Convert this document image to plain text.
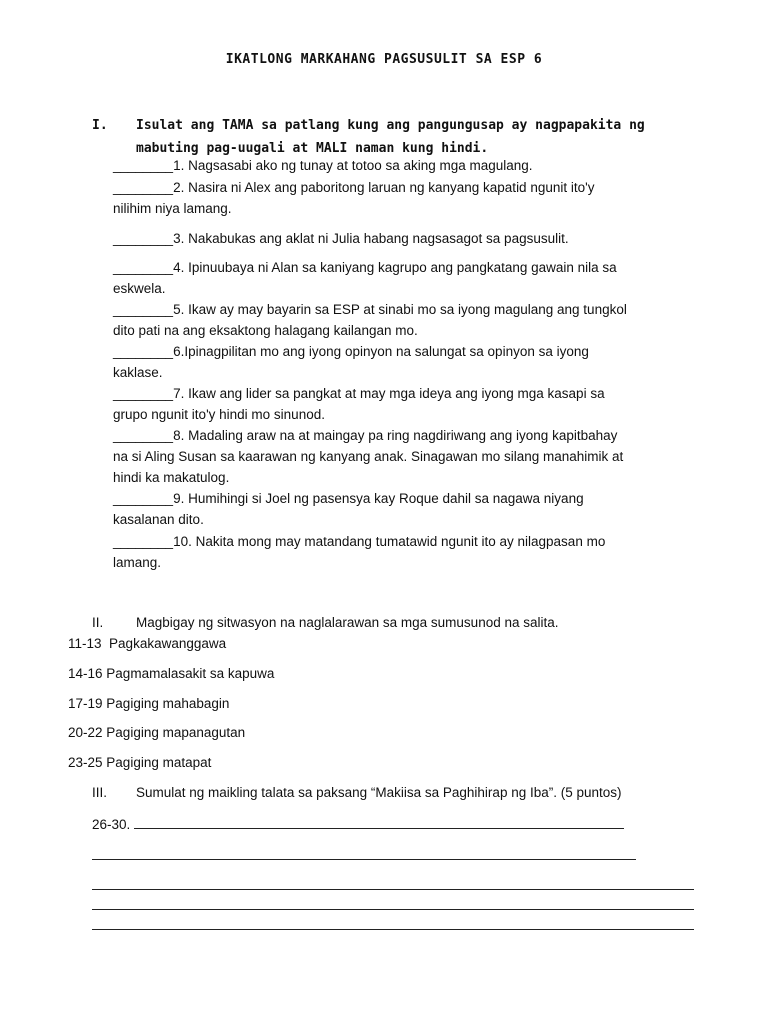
IKATLONG MARKAHANG PAGSUSULIT SA ESP 6
I. Isulat ang TAMA sa patlang kung ang pangungusap ay nagpapakita ng
mabuting pag-uugali at MALI naman kung hindi.
________1. Nagsasabi ako ng tunay at totoo sa aking mga magulang.
________2. Nasira ni Alex ang paboritong laruan ng kanyang kapatid ngunit ito'y
nilihim niya lamang.
________3. Nakabukas ang aklat ni Julia habang nagsasagot sa pagsusulit.
________4. Ipinuubaya ni Alan sa kaniyang kagrupo ang pangkatang gawain nila sa
eskwela.
________5. Ikaw ay may bayarin sa ESP at sinabi mo sa iyong magulang ang tungkol
dito pati na ang eksaktong halagang kailangan mo.
________6.Ipinagpilitan mo ang iyong opinyon na salungat sa opinyon sa iyong
kaklase.
________7. Ikaw ang lider sa pangkat at may mga ideya ang iyong mga kasapi sa
grupo ngunit ito'y hindi mo sinunod.
________8. Madaling araw na at maingay pa ring nagdiriwang ang iyong kapitbahay
na si Aling Susan sa kaarawan ng kanyang anak. Sinagawan mo silang manahimik at
hindi ka makatulog.
________9. Humihingi si Joel ng pasensya kay Roque dahil sa nagawa niyang
kasalanan dito.
________10. Nakita mong may matandang tumatawid ngunit ito ay nilagpasan mo
lamang.
II. Magbigay ng sitwasyon na naglalarawan sa mga sumusunod na salita.
11-13 Pagkakawanggawa
14-16 Pagmamalasakit sa kapuwa
17-19 Pagiging mahabagin
20-22 Pagiging mapanagutan
23-25 Pagiging matapat
III. Sumulat ng maikling talata sa paksang “Makiisa sa Paghihirap ng Iba”. (5 puntos)
26-30.
